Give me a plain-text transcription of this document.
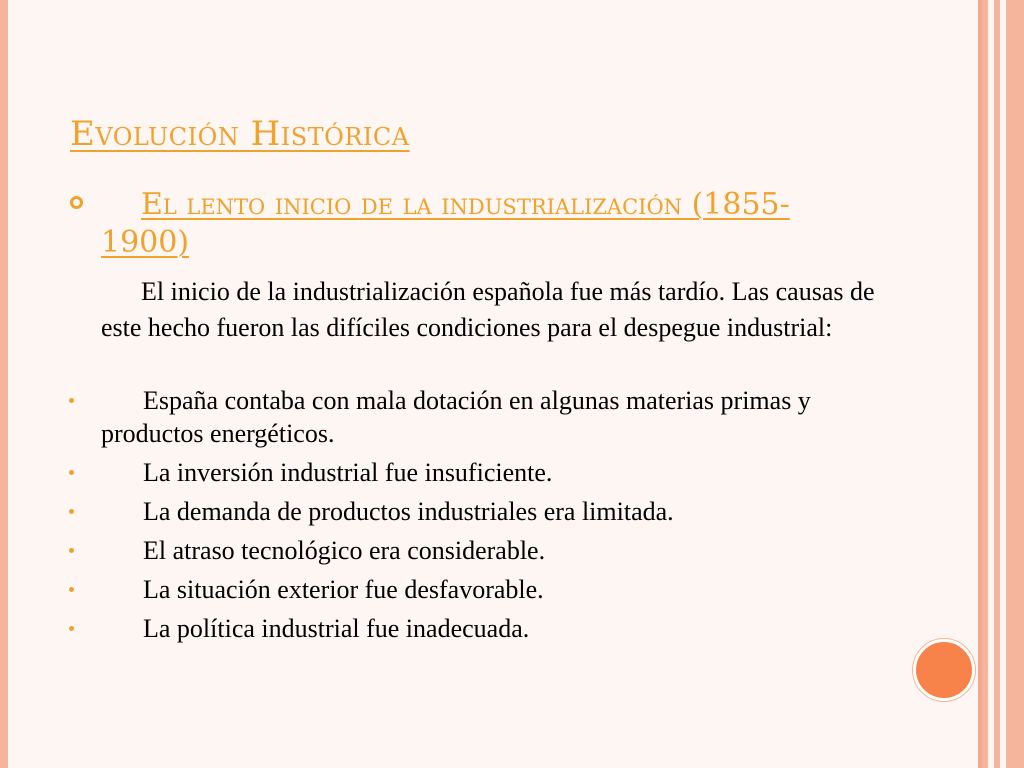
Evolución Histórica
El lento inicio de la industrialización (1855-1900)
El inicio de la industrialización española fue más tardío. Las causas de este hecho fueron las difíciles condiciones para el despegue industrial:
España contaba con mala dotación en algunas materias primas y productos energéticos.
La inversión industrial fue insuficiente.
La demanda de productos industriales era limitada.
El atraso tecnológico era considerable.
La situación exterior fue desfavorable.
La política industrial fue inadecuada.
